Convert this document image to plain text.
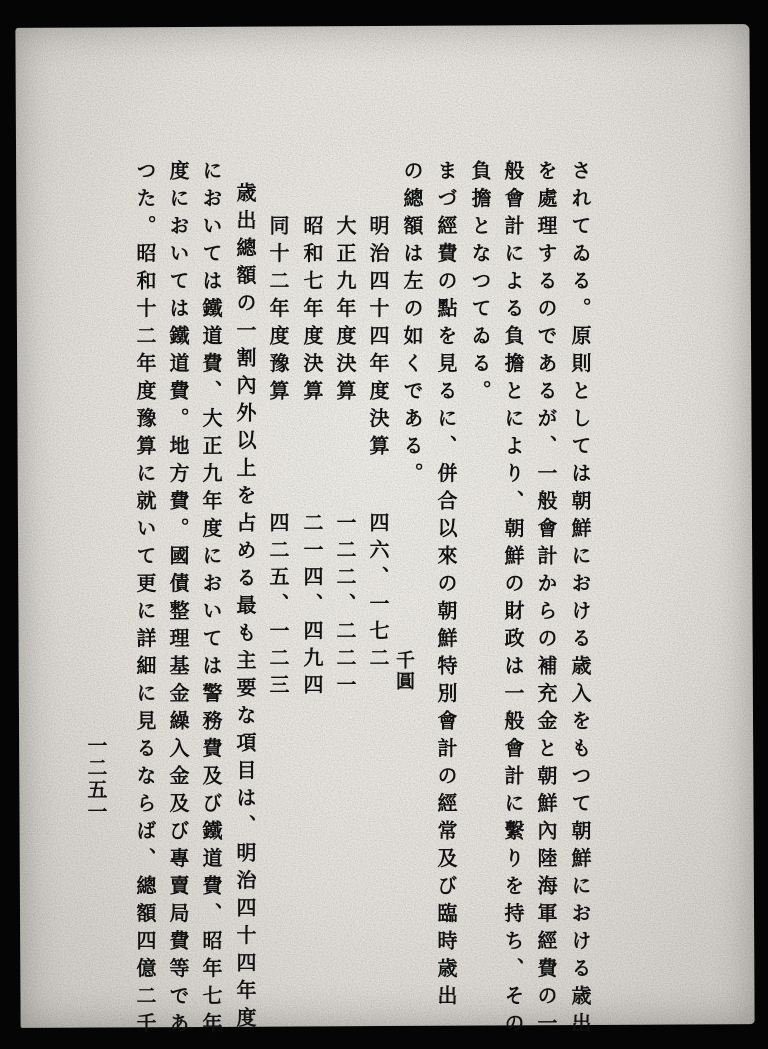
されてゐる。原則としては朝鮮における歳入をもつて朝鮮における歳出
を處理するのであるが、一般會計からの補充金と朝鮮內陸海軍經費の一
般會計による負擔とにより、朝鮮の財政は一般會計に繫りを持ち、その
負擔となつてゐる。
まづ經費の點を見るに、併合以來の朝鮮特別會計の經常及び臨時歳出
の總額は左の如くである。
千圓
明治四十四年度決算
大正九年度決算
昭和七年度決算
同十二年度豫算
四六、一七二
一二二、二二一
二一四、四九四
四二五、一二三
歳出總額の一割內外以上を占める最も主要な項目は、明治四十四年度
においては鐵道費、大正九年度においては警務費及び鐵道費、昭年七年
度においては鐵道費。地方費。國債整理基金繰入金及び專賣局費等であ
つた。昭和十二年度豫算に就いて更に詳細に見るならば、總額四億二千
一二五一
